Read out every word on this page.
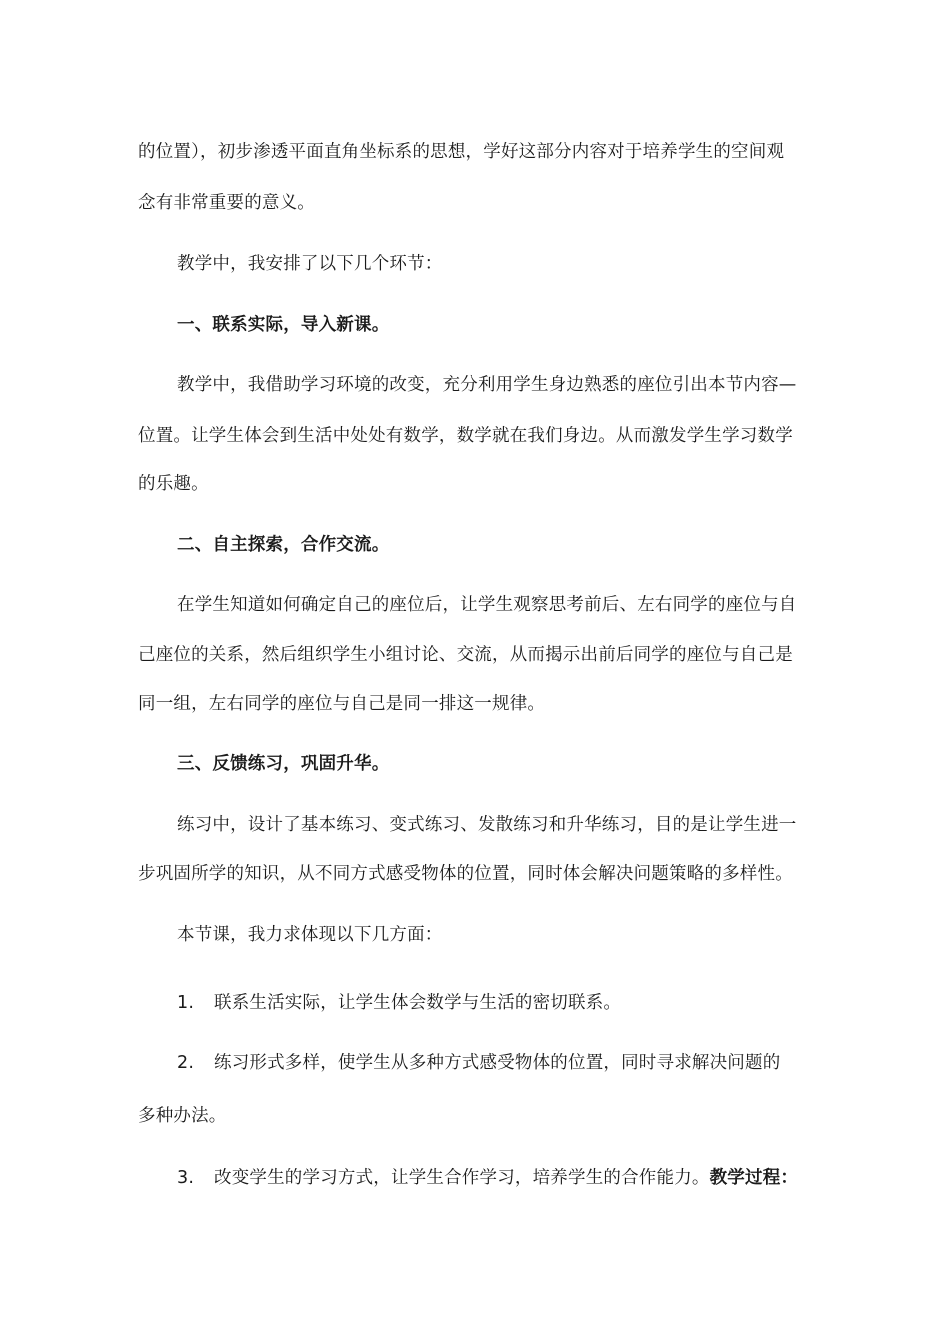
的位置），初步渗透平面直角坐标系的思想，学好这部分内容对于培养学生的空间观
念有非常重要的意义。
教学中，我安排了以下几个环节：
一、联系实际，导入新课。
教学中，我借助学习环境的改变，充分利用学生身边熟悉的座位引出本节内容—
位置。让学生体会到生活中处处有数学，数学就在我们身边。从而激发学生学习数学
的乐趣。
二、自主探索，合作交流。
在学生知道如何确定自己的座位后，让学生观察思考前后、左右同学的座位与自
己座位的关系，然后组织学生小组讨论、交流，从而揭示出前后同学的座位与自己是
同一组，左右同学的座位与自己是同一排这一规律。
三、反馈练习，巩固升华。
练习中，设计了基本练习、变式练习、发散练习和升华练习，目的是让学生进一
步巩固所学的知识，从不同方式感受物体的位置，同时体会解决问题策略的多样性。
本节课，我力求体现以下几方面：
1. 联系生活实际，让学生体会数学与生活的密切联系。
2. 练习形式多样，使学生从多种方式感受物体的位置，同时寻求解决问题的
多种办法。
3. 改变学生的学习方式，让学生合作学习，培养学生的合作能力。教学过程：
